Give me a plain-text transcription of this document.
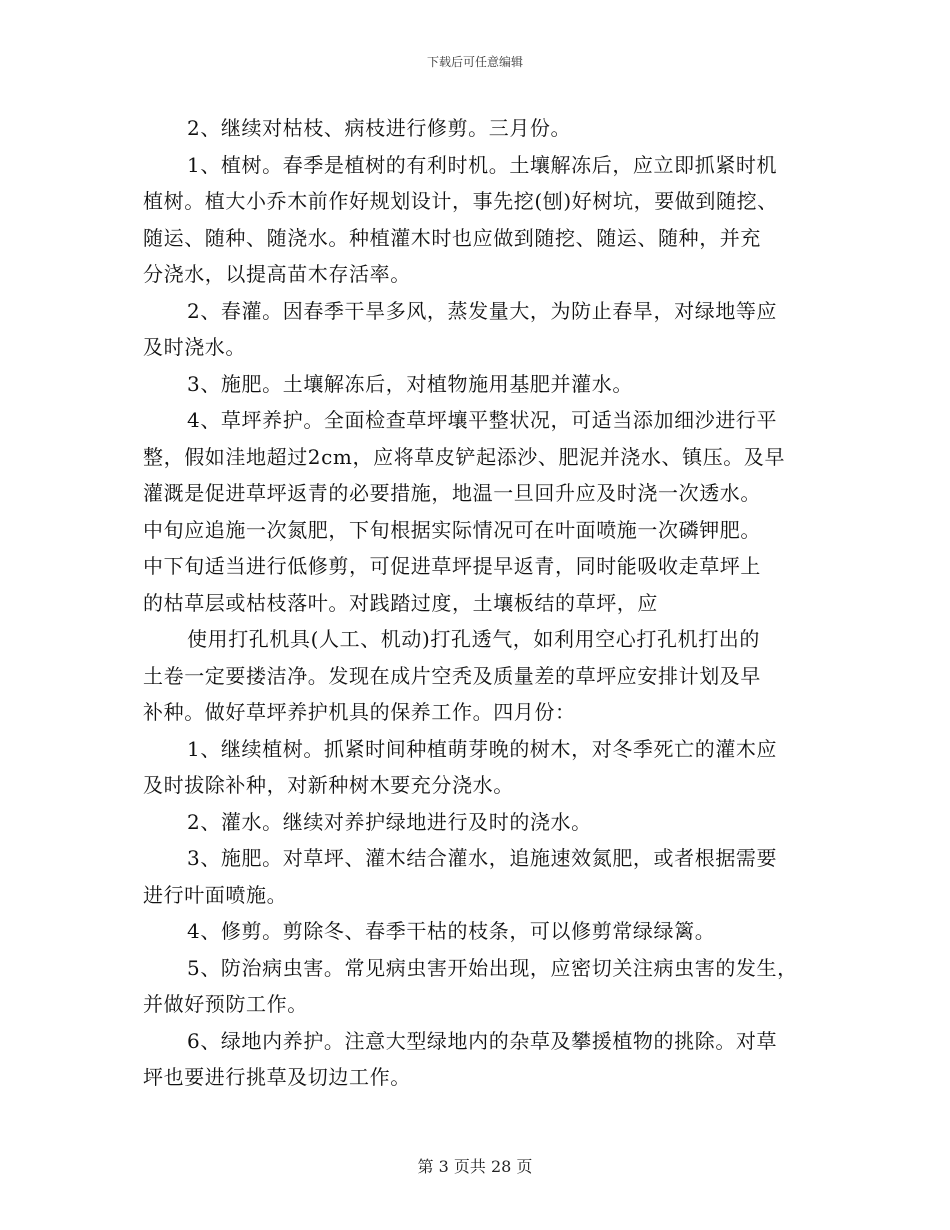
下载后可任意编辑
2、继续对枯枝、病枝进行修剪。三月份。
1、植树。春季是植树的有利时机。土壤解冻后，应立即抓紧时机
植树。植大小乔木前作好规划设计，事先挖(刨)好树坑，要做到随挖、
随运、随种、随浇水。种植灌木时也应做到随挖、随运、随种，并充
分浇水，以提高苗木存活率。
2、春灌。因春季干旱多风，蒸发量大，为防止春旱，对绿地等应
及时浇水。
3、施肥。土壤解冻后，对植物施用基肥并灌水。
4、草坪养护。全面检查草坪壤平整状况，可适当添加细沙进行平
整，假如洼地超过2cm，应将草皮铲起添沙、肥泥并浇水、镇压。及早
灌溉是促进草坪返青的必要措施，地温一旦回升应及时浇一次透水。
中旬应追施一次氮肥，下旬根据实际情况可在叶面喷施一次磷钾肥。
中下旬适当进行低修剪，可促进草坪提早返青，同时能吸收走草坪上
的枯草层或枯枝落叶。对践踏过度，土壤板结的草坪，应
使用打孔机具(人工、机动)打孔透气，如利用空心打孔机打出的
土卷一定要搂洁净。发现在成片空秃及质量差的草坪应安排计划及早
补种。做好草坪养护机具的保养工作。四月份：
1、继续植树。抓紧时间种植萌芽晚的树木，对冬季死亡的灌木应
及时拔除补种，对新种树木要充分浇水。
2、灌水。继续对养护绿地进行及时的浇水。
3、施肥。对草坪、灌木结合灌水，追施速效氮肥，或者根据需要
进行叶面喷施。
4、修剪。剪除冬、春季干枯的枝条，可以修剪常绿绿篱。
5、防治病虫害。常见病虫害开始出现，应密切关注病虫害的发生，
并做好预防工作。
6、绿地内养护。注意大型绿地内的杂草及攀援植物的挑除。对草
坪也要进行挑草及切边工作。
第 3 页共 28 页
